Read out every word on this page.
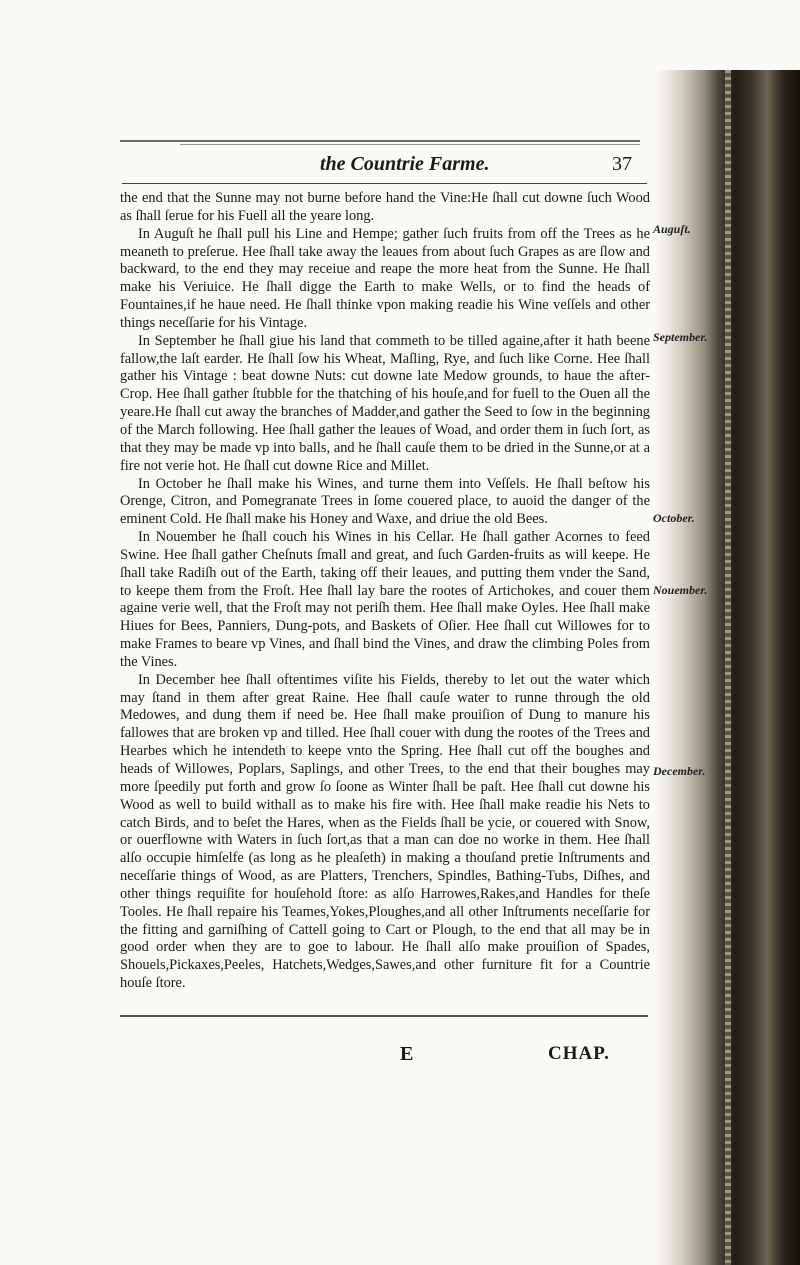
the Countrie Farme.	37

the end that the Sunne may not burne before hand the Vine:He ſhall cut downe ſuch Wood as ſhall ſerue for his Fuell all the yeare long.

In Auguſt he ſhall pull his Line and Hempe; gather ſuch fruits from off the Trees as he meaneth to preſerue. Hee ſhall take away the leaues from about ſuch Grapes as are ſlow and backward, to the end they may receiue and reape the more heat from the Sunne. He ſhall make his Veriuice. He ſhall digge the Earth to make Wells, or to find the heads of Fountaines,if he haue need. He ſhall thinke vpon making readie his Wine veſſels and other things neceſſarie for his Vintage.

In September he ſhall giue his land that commeth to be tilled againe,after it hath beene fallow,the laſt earder. He ſhall ſow his Wheat, Maſling, Rye, and ſuch like Corne. Hee ſhall gather his Vintage : beat downe Nuts: cut downe late Medow grounds, to haue the after-Crop. Hee ſhall gather ſtubble for the thatching of his houſe,and for fuell to the Ouen all the yeare.He ſhall cut away the branches of Madder,and gather the Seed to ſow in the beginning of the March following. Hee ſhall gather the leaues of Woad, and order them in ſuch ſort, as that they may be made vp into balls, and he ſhall cauſe them to be dried in the Sunne,or at a fire not verie hot. He ſhall cut downe Rice and Millet.

In October he ſhall make his Wines, and turne them into Veſſels. He ſhall beſtow his Orenge, Citron, and Pomegranate Trees in ſome couered place, to auoid the danger of the eminent Cold. He ſhall make his Honey and Waxe, and driue the old Bees.

In Nouember he ſhall couch his Wines in his Cellar. He ſhall gather Acornes to feed Swine. Hee ſhall gather Cheſnuts ſmall and great, and ſuch Garden-fruits as will keepe. He ſhall take Radiſh out of the Earth, taking off their leaues, and putting them vnder the Sand, to keepe them from the Froſt. Hee ſhall lay bare the rootes of Artichokes, and couer them againe verie well, that the Froſt may not periſh them. Hee ſhall make Oyles. Hee ſhall make Hiues for Bees, Panniers, Dung-pots, and Baskets of Oſier. Hee ſhall cut Willowes for to make Frames to beare vp Vines, and ſhall bind the Vines, and draw the climbing Poles from the Vines.

In December hee ſhall oftentimes viſite his Fields, thereby to let out the water which may ſtand in them after great Raine. Hee ſhall cauſe water to runne through the old Medowes, and dung them if need be. Hee ſhall make prouiſion of Dung to manure his fallowes that are broken vp and tilled. Hee ſhall couer with dung the rootes of the Trees and Hearbes which he intendeth to keepe vnto the Spring. Hee ſhall cut off the boughes and heads of Willowes, Poplars, Saplings, and other Trees, to the end that their boughes may more ſpeedily put forth and grow ſo ſoone as Winter ſhall be paſt. Hee ſhall cut downe his Wood as well to build withall as to make his fire with. Hee ſhall make readie his Nets to catch Birds, and to beſet the Hares, when as the Fields ſhall be ycie, or couered with Snow, or ouerflowne with Waters in ſuch ſort,as that a man can doe no worke in them. Hee ſhall alſo occupie himſelfe (as long as he pleaſeth) in making a thouſand pretie Inſtruments and neceſſarie things of Wood, as are Platters, Trenchers, Spindles, Bathing-Tubs, Diſhes, and other things requiſite for houſehold ſtore: as alſo Harrowes,Rakes,and Handles for theſe Tooles. He ſhall repaire his Teames,Yokes,Ploughes,and all other Inſtruments neceſſarie for the fitting and garniſhing of Cattell going to Cart or Plough, to the end that all may be in good order when they are to goe to labour. He ſhall alſo make prouiſion of Spades, Shouels,Pickaxes,Peeles, Hatchets,Wedges,Sawes,and other furniture fit for a Countrie houſe ſtore.

Auguſt.
September.
October.
Nouember.
December.
E	CHAP.
